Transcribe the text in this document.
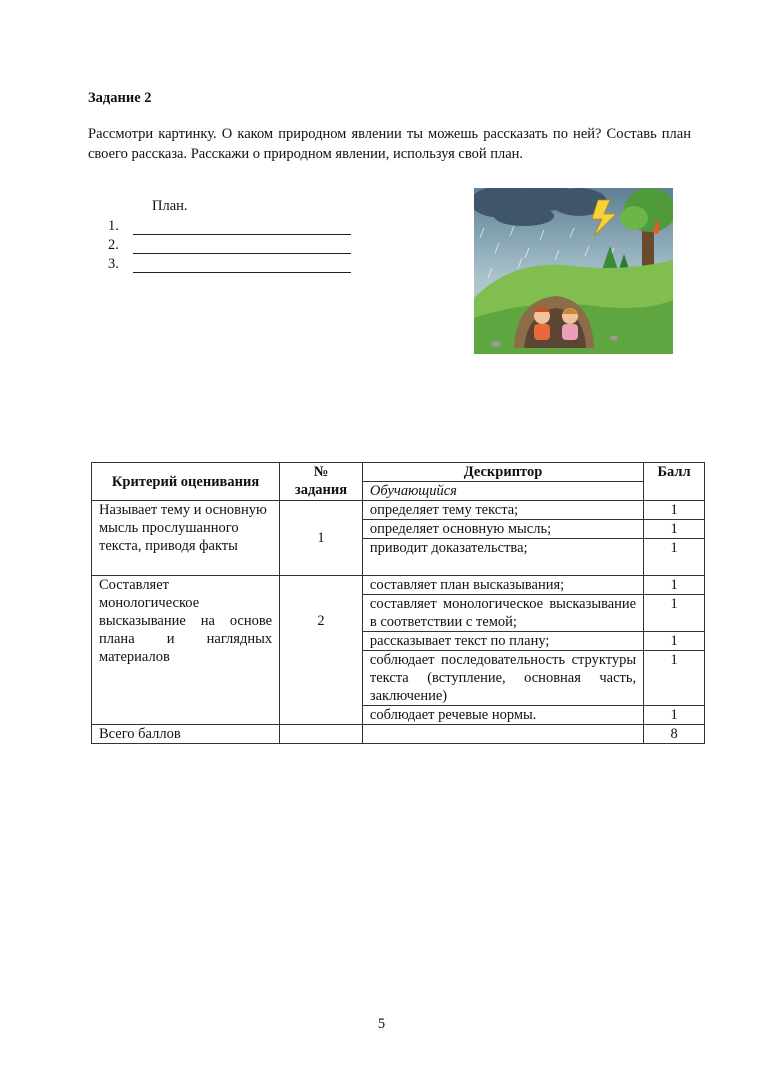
Задание 2
Рассмотри картинку. О каком природном явлении ты можешь рассказать по ней? Составь план своего рассказа. Расскажи о природном явлении, используя свой план.
План.
1.
2.
3.
Критерий оценивания	№ задания	Дескриптор	Балл
		Обучающийся	
Называет тему и основную мысль прослушанного текста, приводя факты	1	определяет тему текста;	1
		определяет основную мысль;	1
		приводит доказательства;	1
Составляет монологическое высказывание на основе плана и наглядных материалов	2	составляет план высказывания;	1
		составляет монологическое высказывание в соответствии с темой;	1
		рассказывает текст по плану;	1
		соблюдает последовательность структуры текста (вступление, основная часть, заключение)	1
		соблюдает речевые нормы.	1
Всего баллов			8
5
